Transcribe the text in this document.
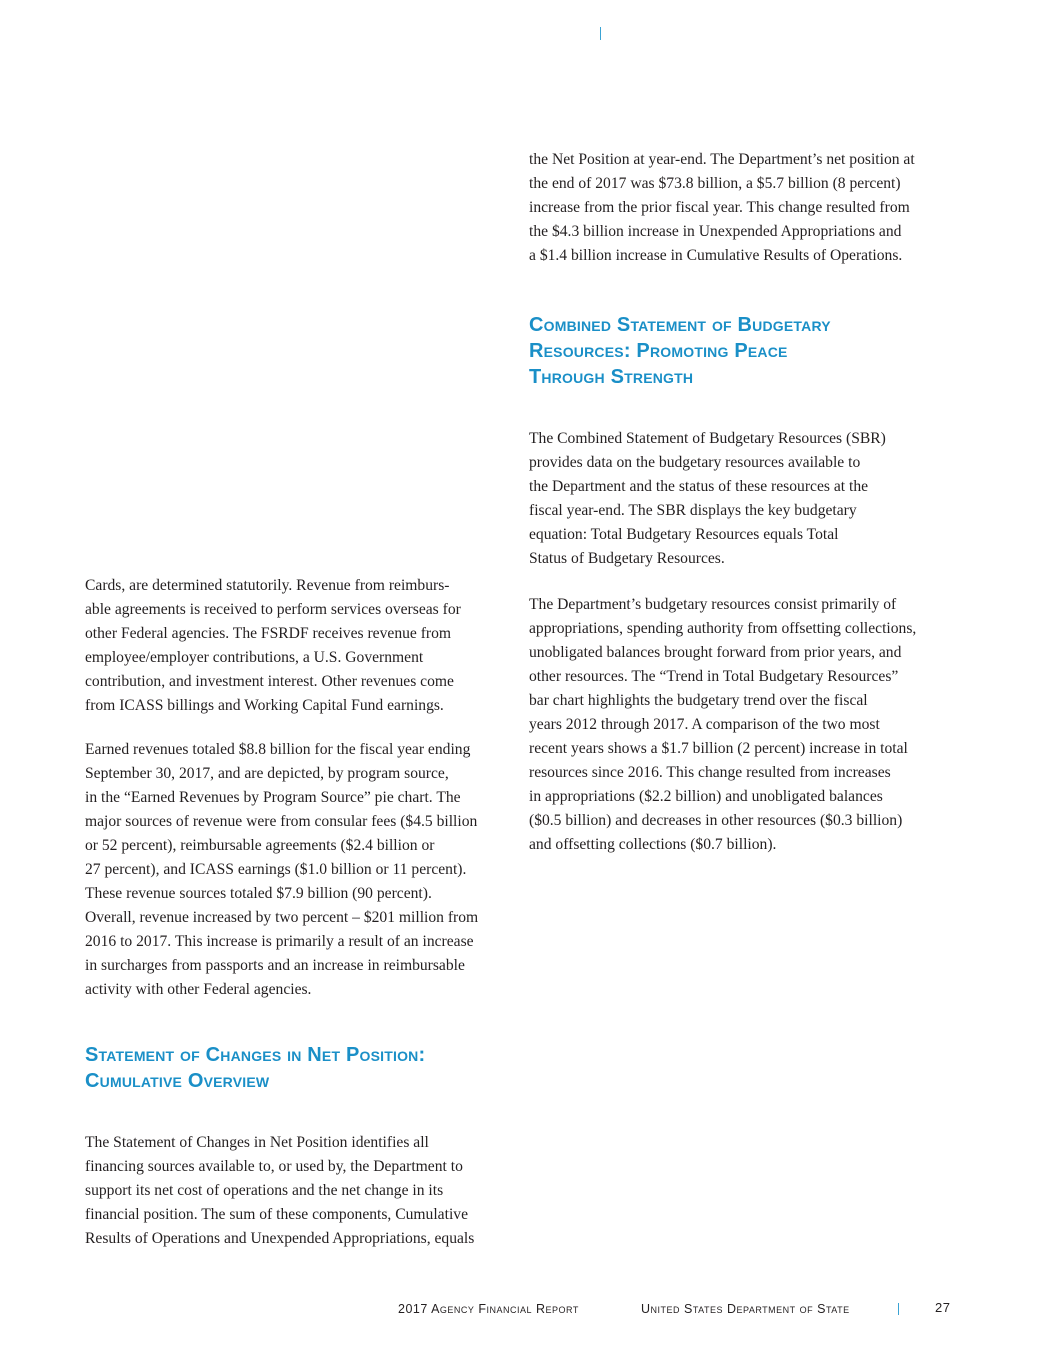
the Net Position at year-end. The Department’s net position at
the end of 2017 was $73.8 billion, a $5.7 billion (8 percent)
increase from the prior fiscal year. This change resulted from
the $4.3 billion increase in Unexpended Appropriations and
a $1.4 billion increase in Cumulative Results of Operations.

Combined Statement of Budgetary
Resources: Promoting Peace
Through Strength

The Combined Statement of Budgetary Resources (SBR)
provides data on the budgetary resources available to
the Department and the status of these resources at the
fiscal year-end. The SBR displays the key budgetary
equation: Total Budgetary Resources equals Total
Status of Budgetary Resources.

The Department’s budgetary resources consist primarily of
appropriations, spending authority from offsetting collections,
unobligated balances brought forward from prior years, and
other resources. The “Trend in Total Budgetary Resources”
bar chart highlights the budgetary trend over the fiscal
years 2012 through 2017. A comparison of the two most
recent years shows a $1.7 billion (2 percent) increase in total
resources since 2016. This change resulted from increases
in appropriations ($2.2 billion) and unobligated balances
($0.5 billion) and decreases in other resources ($0.3 billion)
and offsetting collections ($0.7 billion).

Cards, are determined statutorily. Revenue from reimburs-
able agreements is received to perform services overseas for
other Federal agencies. The FSRDF receives revenue from
employee/employer contributions, a U.S. Government
contribution, and investment interest. Other revenues come
from ICASS billings and Working Capital Fund earnings.

Earned revenues totaled $8.8 billion for the fiscal year ending
September 30, 2017, and are depicted, by program source,
in the “Earned Revenues by Program Source” pie chart. The
major sources of revenue were from consular fees ($4.5 billion
or 52 percent), reimbursable agreements ($2.4 billion or
27 percent), and ICASS earnings ($1.0 billion or 11 percent).
These revenue sources totaled $7.9 billion (90 percent).
Overall, revenue increased by two percent – $201 million from
2016 to 2017. This increase is primarily a result of an increase
in surcharges from passports and an increase in reimbursable
activity with other Federal agencies.

Statement of Changes in Net Position:
Cumulative Overview

The Statement of Changes in Net Position identifies all
financing sources available to, or used by, the Department to
support its net cost of operations and the net change in its
financial position. The sum of these components, Cumulative
Results of Operations and Unexpended Appropriations, equals

2017 Agency Financial Report	United States Department of State	27
